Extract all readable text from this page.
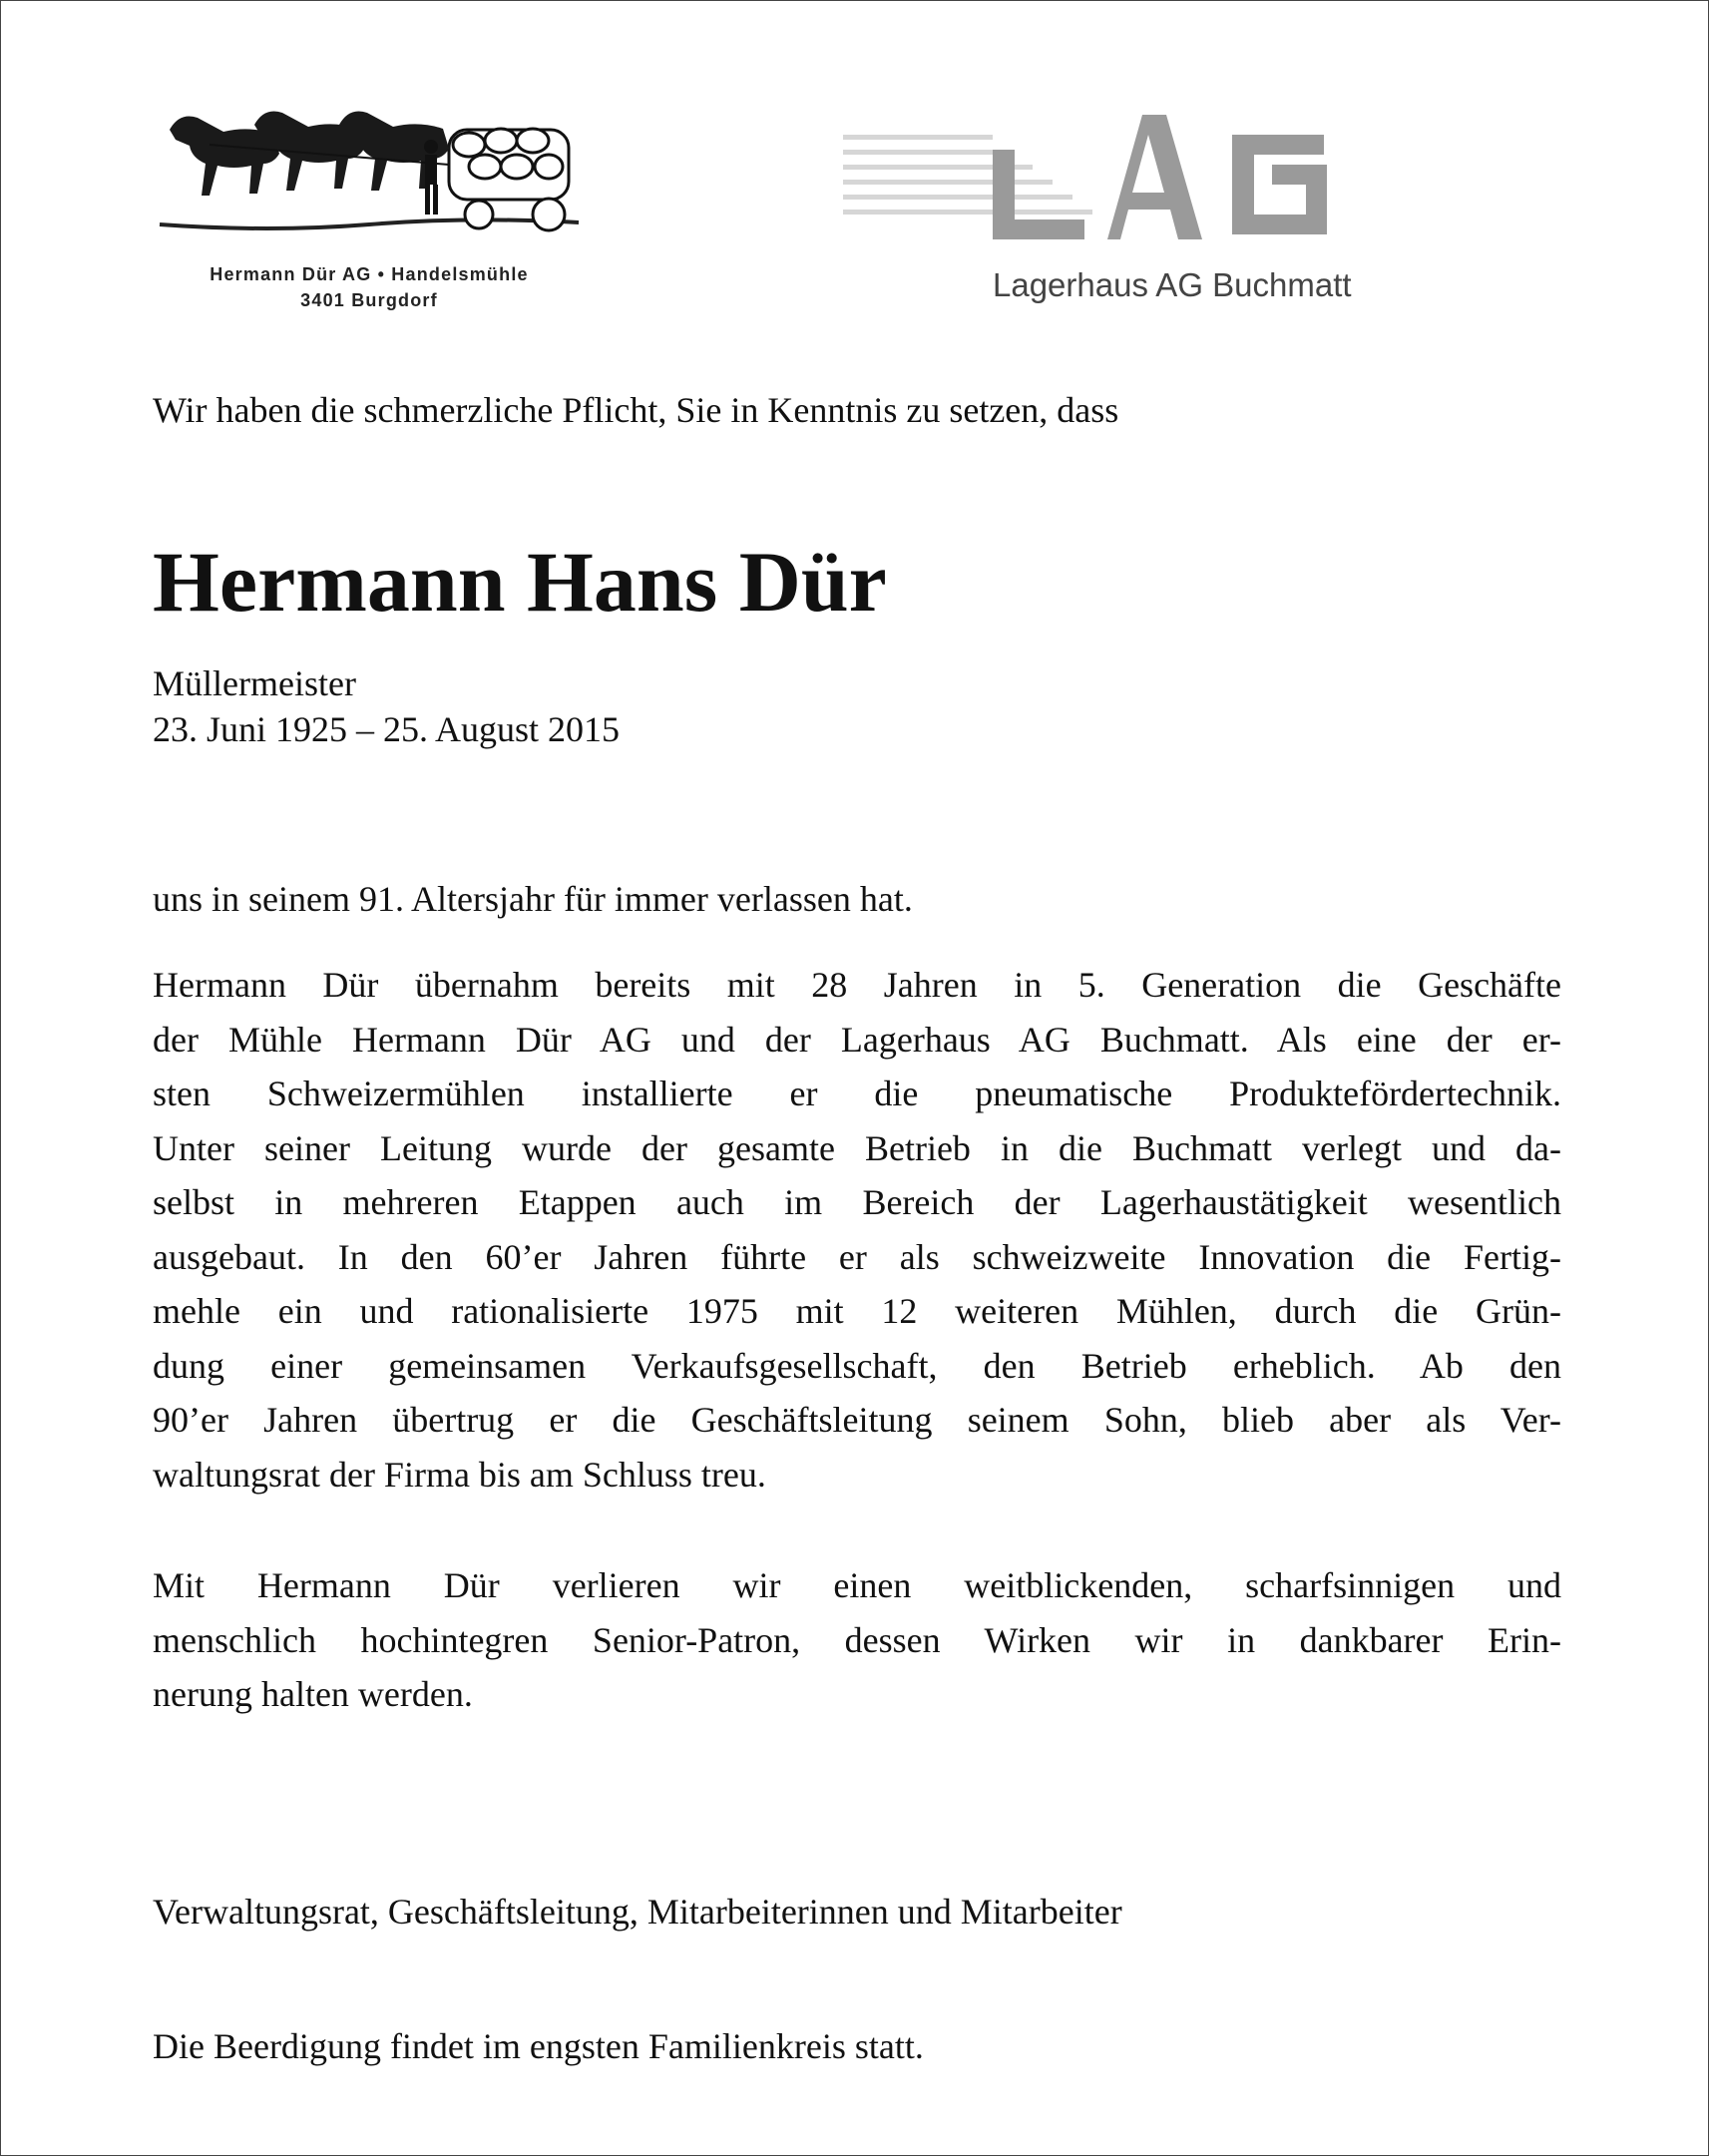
Hermann Dür AG • Handelsmühle
3401 Burgdorf	Lagerhaus AG Buchmatt
Wir haben die schmerzliche Pflicht, Sie in Kenntnis zu setzen, dass
Hermann Hans Dür
Müllermeister
23. Juni 1925 – 25. August 2015
uns in seinem 91. Altersjahr für immer verlassen hat.
Hermann Dür übernahm bereits mit 28 Jahren in 5. Generation die Geschäfte
der Mühle Hermann Dür AG und der Lagerhaus AG Buchmatt. Als eine der er-
sten Schweizermühlen installierte er die pneumatische Produktefördertechnik.
Unter seiner Leitung wurde der gesamte Betrieb in die Buchmatt verlegt und da-
selbst in mehreren Etappen auch im Bereich der Lagerhaustätigkeit wesentlich
ausgebaut. In den 60’er Jahren führte er als schweizweite Innovation die Fertig-
mehle ein und rationalisierte 1975 mit 12 weiteren Mühlen, durch die Grün-
dung einer gemeinsamen Verkaufsgesellschaft, den Betrieb erheblich. Ab den
90’er Jahren übertrug er die Geschäftsleitung seinem Sohn, blieb aber als Ver-
waltungsrat der Firma bis am Schluss treu.
Mit Hermann Dür verlieren wir einen weitblickenden, scharfsinnigen und
menschlich hochintegren Senior-Patron, dessen Wirken wir in dankbarer Erin-
nerung halten werden.
Verwaltungsrat, Geschäftsleitung, Mitarbeiterinnen und Mitarbeiter
Die Beerdigung findet im engsten Familienkreis statt.
